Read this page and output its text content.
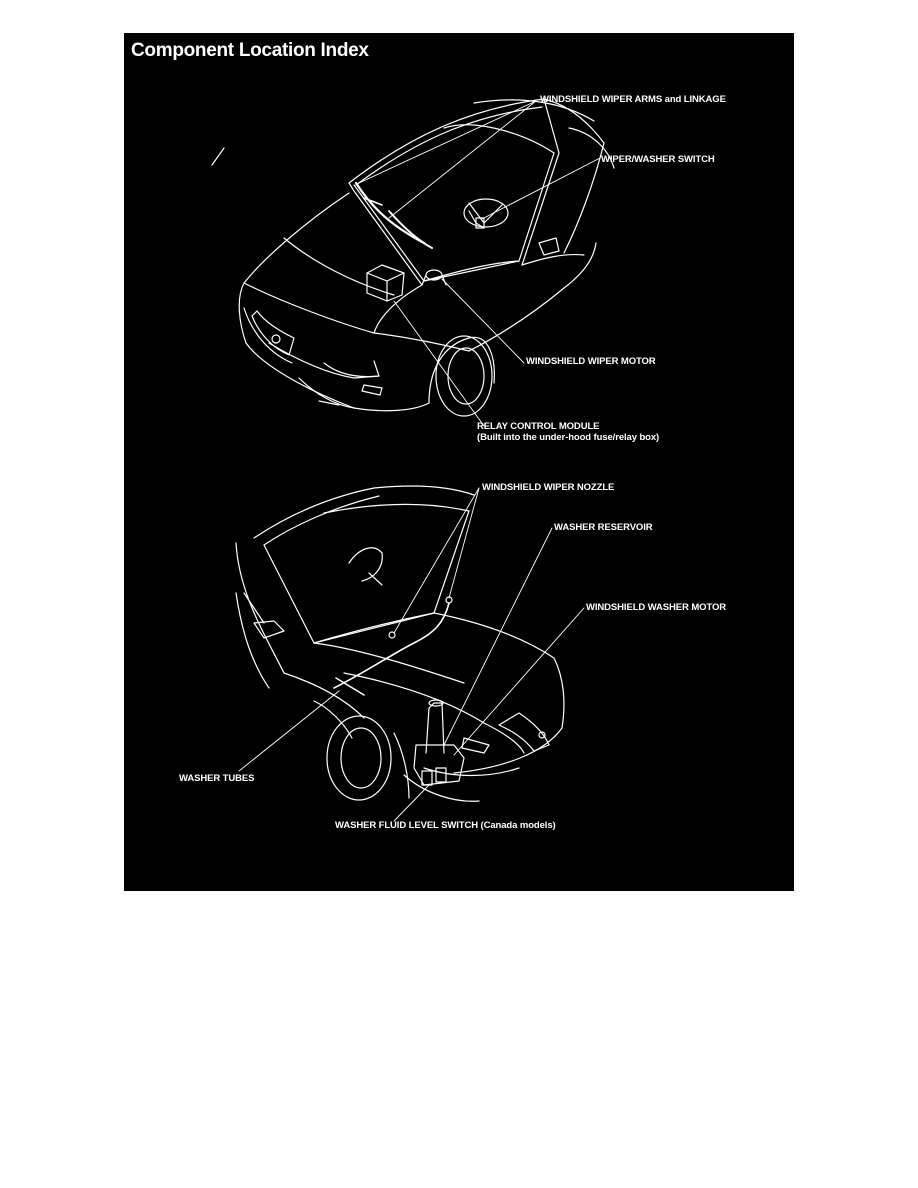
Component Location Index
WINDSHIELD WIPER ARMS and LINKAGE
WIPER/WASHER SWITCH
WINDSHIELD WIPER MOTOR
RELAY CONTROL MODULE
(Built into the under-hood fuse/relay box)
WINDSHIELD WIPER NOZZLE
WASHER RESERVOIR
WINDSHIELD WASHER MOTOR
WASHER TUBES
WASHER FLUID LEVEL SWITCH (Canada models)
